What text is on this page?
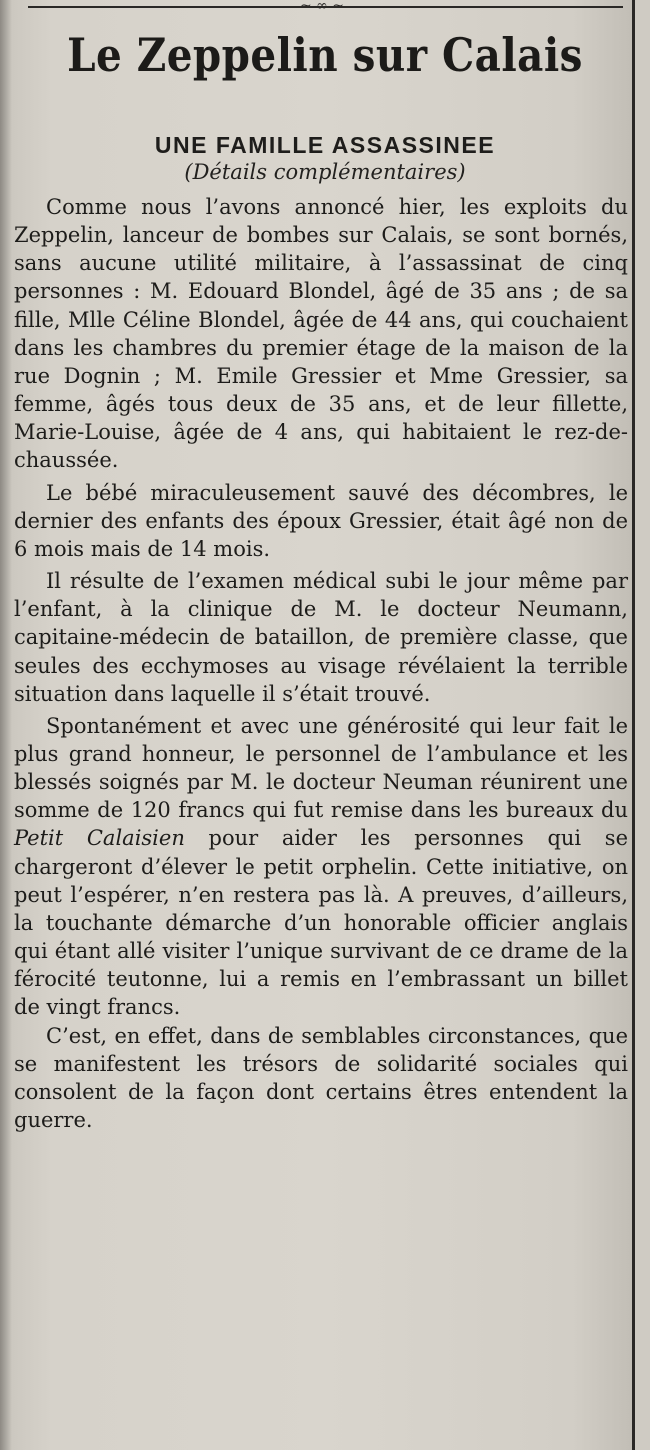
~ ∞ ~
Le Zeppelin sur Calais
UNE FAMILLE ASSASSINEE
(Détails complémentaires)

Comme nous l’avons annoncé hier, les exploits du Zeppelin, lanceur de bombes sur Calais, se sont bornés, sans aucune utilité militaire, à l’assassinat de cinq personnes : M. Edouard Blondel, âgé de 35 ans ; de sa fille, Mlle Céline Blondel, âgée de 44 ans, qui couchaient dans les chambres du premier étage de la maison de la rue Dognin ; M. Emile Gressier et Mme Gressier, sa femme, âgés tous deux de 35 ans, et de leur fillette, Marie-Louise, âgée de 4 ans, qui habitaient le rez-de-chaussée.

Le bébé miraculeusement sauvé des décombres, le dernier des enfants des époux Gressier, était âgé non de 6 mois mais de 14 mois.

Il résulte de l’examen médical subi le jour même par l’enfant, à la clinique de M. le docteur Neumann, capitaine-médecin de bataillon, de première classe, que seules des ecchymoses au visage révélaient la terrible situation dans laquelle il s’était trouvé.

Spontanément et avec une générosité qui leur fait le plus grand honneur, le personnel de l’ambulance et les blessés soignés par M. le docteur Neuman réunirent une somme de 120 francs qui fut remise dans les bureaux du Petit Calaisien pour aider les personnes qui se chargeront d’élever le petit orphelin. Cette initiative, on peut l’espérer, n’en restera pas là. A preuves, d’ailleurs, la touchante démarche d’un honorable officier anglais qui étant allé visiter l’unique survivant de ce drame de la férocité teutonne, lui a remis en l’embrassant un billet de vingt francs.

C’est, en effet, dans de semblables circonstances, que se manifestent les trésors de solidarité sociales qui consolent de la façon dont certains êtres entendent la guerre.
